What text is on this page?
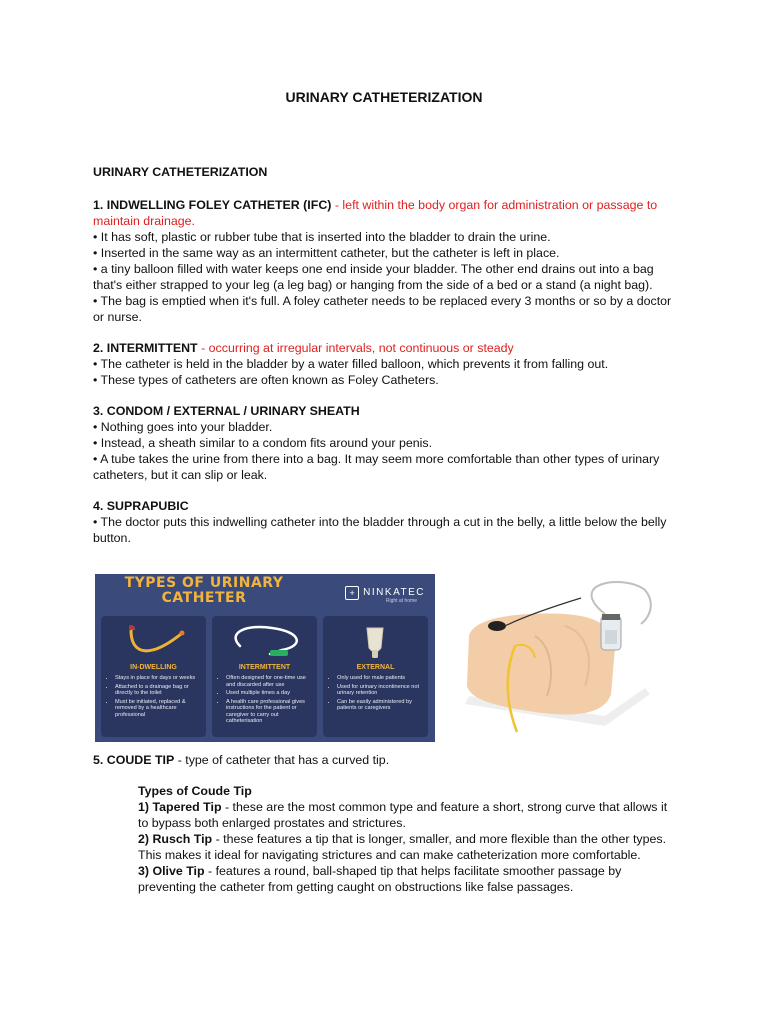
URINARY CATHETERIZATION

URINARY CATHETERIZATION

1. INDWELLING FOLEY CATHETER (IFC) - left within the body organ for administration or passage to maintain drainage.

• It has soft, plastic or rubber tube that is inserted into the bladder to drain the urine.

• Inserted in the same way as an intermittent catheter, but the catheter is left in place.

• a tiny balloon filled with water keeps one end inside your bladder. The other end drains out into a bag that's either strapped to your leg (a leg bag) or hanging from the side of a bed or a stand (a night bag).

• The bag is emptied when it's full. A foley catheter needs to be replaced every 3 months or so by a doctor or nurse.

2. INTERMITTENT - occurring at irregular intervals, not continuous or steady

• The catheter is held in the bladder by a water filled balloon, which prevents it from falling out.

• These types of catheters are often known as Foley Catheters.

3. CONDOM / EXTERNAL / URINARY SHEATH

• Nothing goes into your bladder.

• Instead, a sheath similar to a condom fits around your penis.

• A tube takes the urine from there into a bag. It may seem more comfortable than other types of urinary catheters, but it can slip or leak.

4. SUPRAPUBIC

• The doctor puts this indwelling catheter into the bladder through a cut in the belly, a little below the belly button.

TYPES OF URINARY
CATHETER	+ NINKATEC
Right at home
IN-DWELLING
• Stays in place for days or weeks
• Attached to a drainage bag or directly to the toilet
• Must be initiated, replaced & removed by a healthcare professional
INTERMITTENT
• Often designed for one-time use and discarded after use
• Used multiple times a day
• A health care professional gives instructions for the patient or caregiver to carry out catheterisation
EXTERNAL
• Only used for male patients
• Used for urinary incontinence not urinary retention
• Can be easily administered by patients or caregivers

5. COUDE TIP - type of catheter that has a curved tip.

Types of Coude Tip

1) Tapered Tip - these are the most common type and feature a short, strong curve that allows it to bypass both enlarged prostates and strictures.

2) Rusch Tip - these features a tip that is longer, smaller, and more flexible than the other types. This makes it ideal for navigating strictures and can make catheterization more comfortable.

3) Olive Tip - features a round, ball-shaped tip that helps facilitate smoother passage by preventing the catheter from getting caught on obstructions like false passages.
